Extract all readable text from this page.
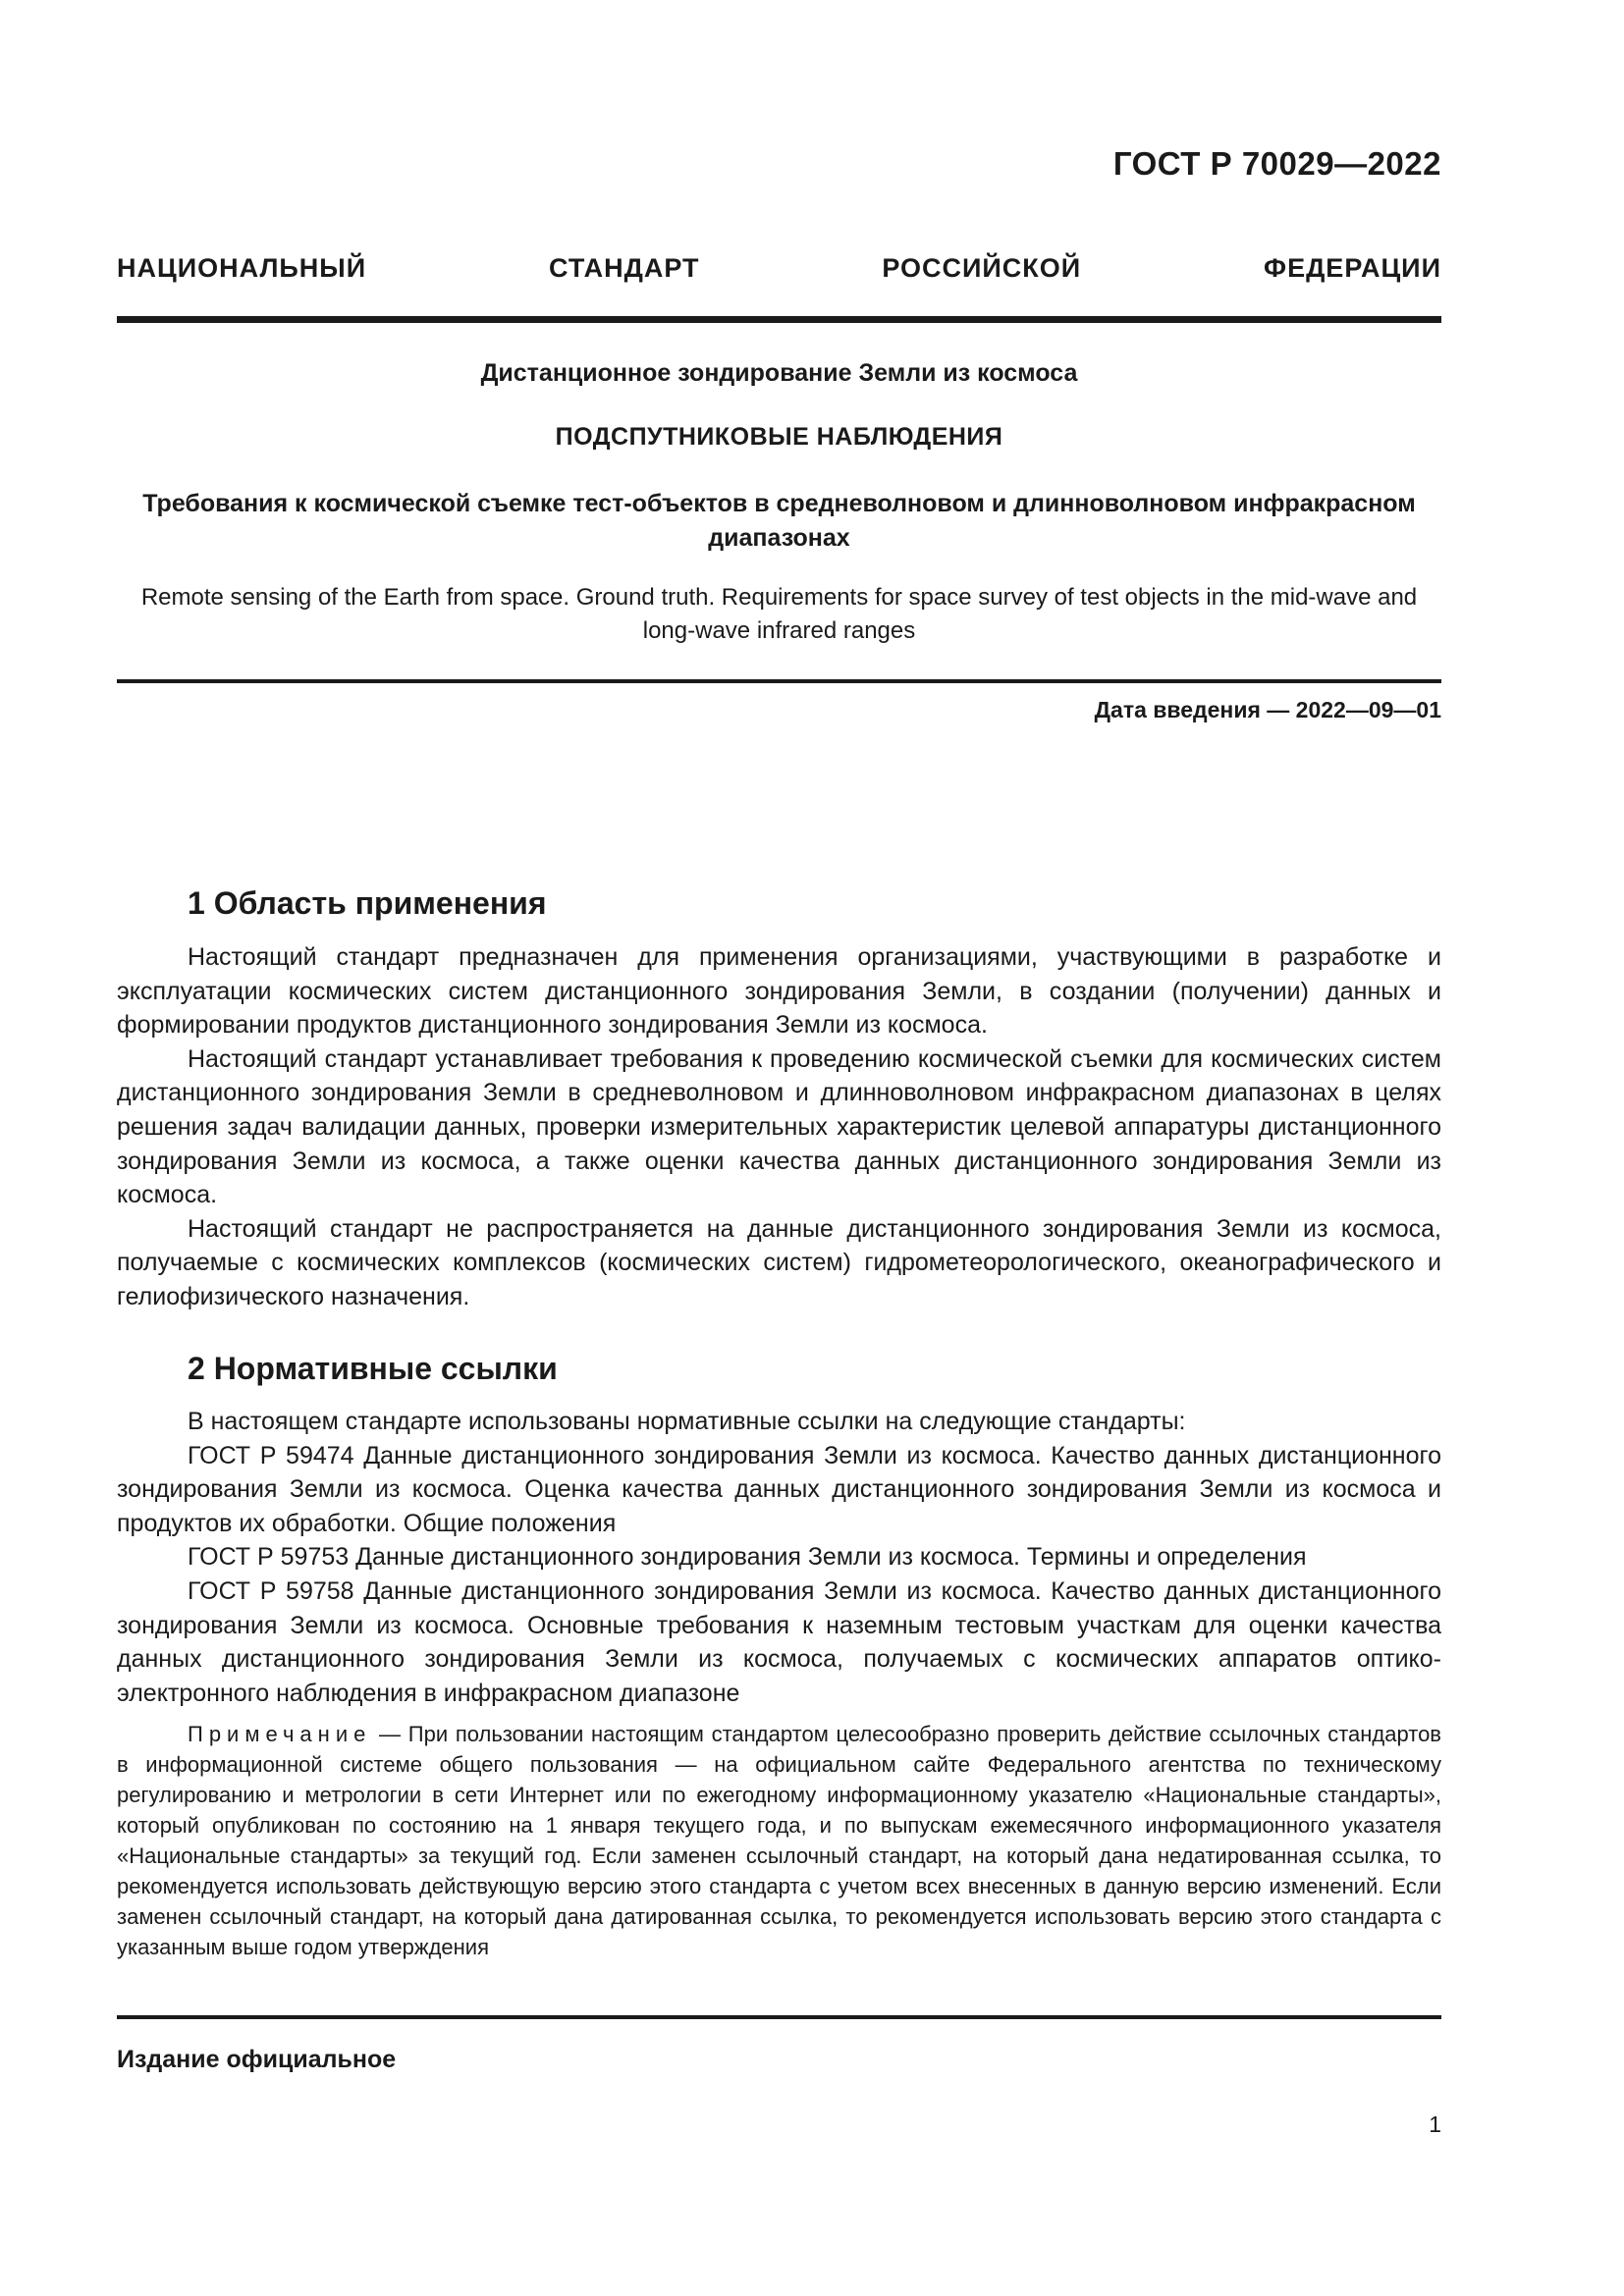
ГОСТ Р 70029—2022
НАЦИОНАЛЬНЫЙ СТАНДАРТ РОССИЙСКОЙ ФЕДЕРАЦИИ
Дистанционное зондирование Земли из космоса
ПОДСПУТНИКОВЫЕ НАБЛЮДЕНИЯ
Требования к космической съемке тест-объектов в средневолновом и длинноволновом инфракрасном диапазонах
Remote sensing of the Earth from space. Ground truth. Requirements for space survey of test objects in the mid-wave and long-wave infrared ranges
Дата введения — 2022—09—01
1 Область применения

Настоящий стандарт предназначен для применения организациями, участвующими в разработке и эксплуатации космических систем дистанционного зондирования Земли, в создании (получении) данных и формировании продуктов дистанционного зондирования Земли из космоса.

Настоящий стандарт устанавливает требования к проведению космической съемки для космических систем дистанционного зондирования Земли в средневолновом и длинноволновом инфракрасном диапазонах в целях решения задач валидации данных, проверки измерительных характеристик целевой аппаратуры дистанционного зондирования Земли из космоса, а также оценки качества данных дистанционного зондирования Земли из космоса.

Настоящий стандарт не распространяется на данные дистанционного зондирования Земли из космоса, получаемые с космических комплексов (космических систем) гидрометеорологического, океанографического и гелиофизического назначения.

2 Нормативные ссылки

В настоящем стандарте использованы нормативные ссылки на следующие стандарты:

ГОСТ Р 59474 Данные дистанционного зондирования Земли из космоса. Качество данных дистанционного зондирования Земли из космоса. Оценка качества данных дистанционного зондирования Земли из космоса и продуктов их обработки. Общие положения

ГОСТ Р 59753 Данные дистанционного зондирования Земли из космоса. Термины и определения

ГОСТ Р 59758 Данные дистанционного зондирования Земли из космоса. Качество данных дистанционного зондирования Земли из космоса. Основные требования к наземным тестовым участкам для оценки качества данных дистанционного зондирования Земли из космоса, получаемых с космических аппаратов оптико-электронного наблюдения в инфракрасном диапазоне

Примечание — При пользовании настоящим стандартом целесообразно проверить действие ссылочных стандартов в информационной системе общего пользования — на официальном сайте Федерального агентства по техническому регулированию и метрологии в сети Интернет или по ежегодному информационному указателю «Национальные стандарты», который опубликован по состоянию на 1 января текущего года, и по выпускам ежемесячного информационного указателя «Национальные стандарты» за текущий год. Если заменен ссылочный стандарт, на который дана недатированная ссылка, то рекомендуется использовать действующую версию этого стандарта с учетом всех внесенных в данную версию изменений. Если заменен ссылочный стандарт, на который дана датированная ссылка, то рекомендуется использовать версию этого стандарта с указанным выше годом утверждения
Издание официальное
1
